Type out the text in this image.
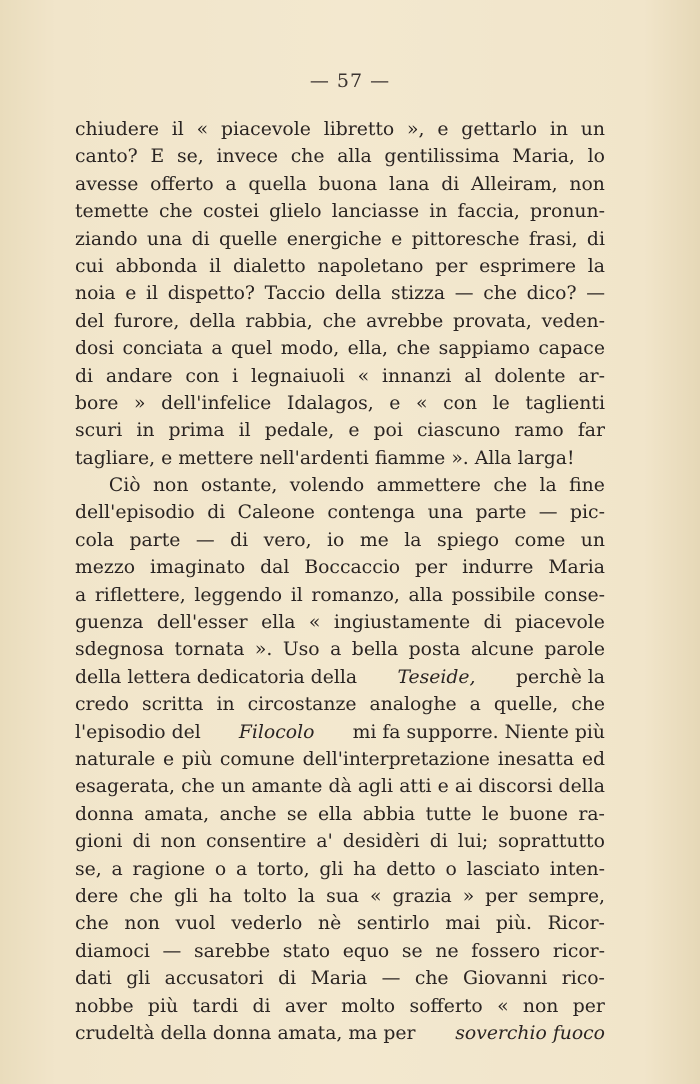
— 57 —
chiudere il « piacevole libretto », e gettarlo in un
canto? E se, invece che alla gentilissima Maria, lo
avesse offerto a quella buona lana di Alleiram, non
temette che costei glielo lanciasse in faccia, pronun-
ziando una di quelle energiche e pittoresche frasi, di
cui abbonda il dialetto napoletano per esprimere la
noia e il dispetto? Taccio della stizza — che dico? —
del furore, della rabbia, che avrebbe provata, veden-
dosi conciata a quel modo, ella, che sappiamo capace
di andare con i legnaiuoli « innanzi al dolente ar-
bore » dell'infelice Idalagos, e « con le taglienti
scuri in prima il pedale, e poi ciascuno ramo far
tagliare, e mettere nell'ardenti fiamme ». Alla larga!
Ciò non ostante, volendo ammettere che la fine
dell'episodio di Caleone contenga una parte — pic-
cola parte — di vero, io me la spiego come un
mezzo imaginato dal Boccaccio per indurre Maria
a riflettere, leggendo il romanzo, alla possibile conse-
guenza dell'esser ella « ingiustamente di piacevole
sdegnosa tornata ». Uso a bella posta alcune parole
della lettera dedicatoria della Teseide, perchè la
credo scritta in circostanze analoghe a quelle, che
l'episodio del Filocolo mi fa supporre. Niente più
naturale e più comune dell'interpretazione inesatta ed
esagerata, che un amante dà agli atti e ai discorsi della
donna amata, anche se ella abbia tutte le buone ra-
gioni di non consentire a' desidèri di lui; soprattutto
se, a ragione o a torto, gli ha detto o lasciato inten-
dere che gli ha tolto la sua « grazia » per sempre,
che non vuol vederlo nè sentirlo mai più. Ricor-
diamoci — sarebbe stato equo se ne fossero ricor-
dati gli accusatori di Maria — che Giovanni rico-
nobbe più tardi di aver molto sofferto « non per
crudeltà della donna amata, ma per soverchio fuoco
